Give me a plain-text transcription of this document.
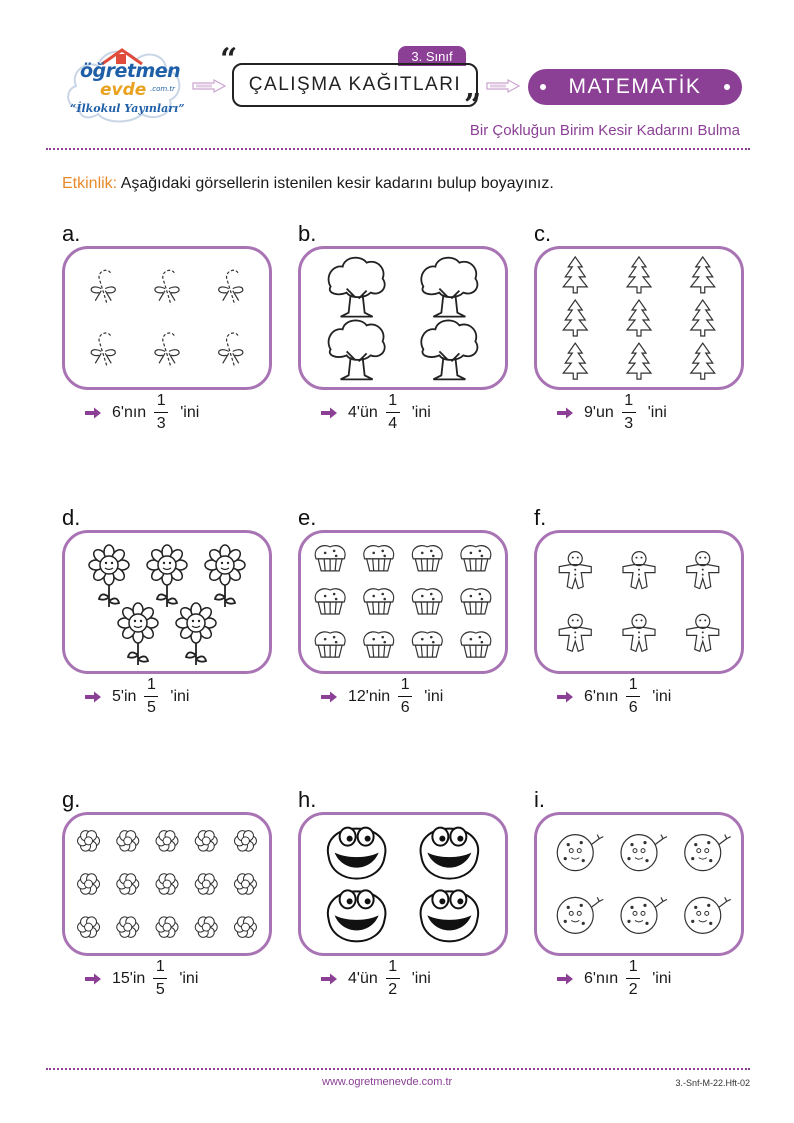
öğretmen
evde .com.tr
“İlkokul Yayınları”
“	3. Sınıf
ÇALIŞMA KAĞITLARI
”
MATEMATİK
Bir Çokluğun Birim Kesir Kadarını Bulma
Etkinlik: Aşağıdaki görsellerin istenilen kesir kadarını bulup boyayınız.
a.
6'nın $\frac{1}{3}$ 'ini
b.
4'ün $\frac{1}{4}$ 'ini
c.
$9'un \frac{1}{3}$ 'ini
d.
$5'in \frac{1}{5}$ 'ini
e.
$12'nin \frac{1}{6}$ 'ini
f.
6'nın $\frac{1}{6}$ 'ini
g.
$15'in \frac{1}{5}$ 'ini
h.
4'ün $\frac{1}{2}$ 'ini
i.
6'nın $\frac{1}{2}$ 'ini
www.ogretmenevde.com.tr	3.-Snf-M-22.Hft-02
